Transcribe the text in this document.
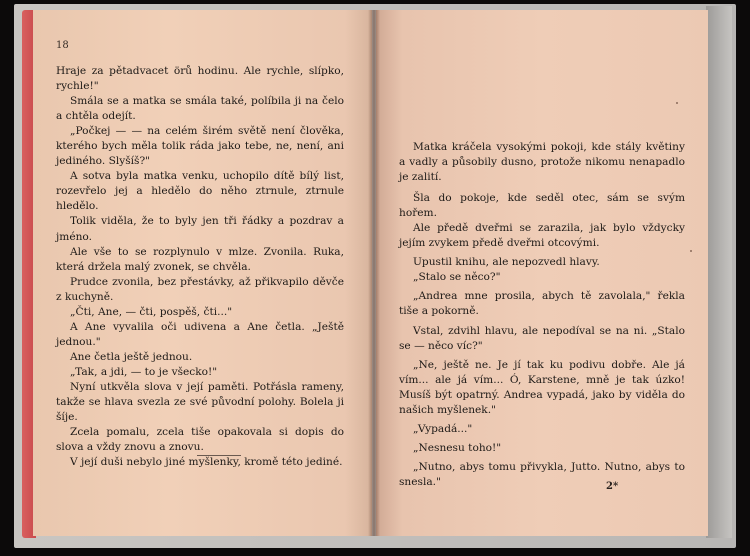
18

Hraje za pětadvacet örů hodinu. Ale rychle, slípko, rychle!"

Smála se a matka se smála také, políbila ji na čelo a chtěla odejít.

„Počkej — — na celém širém světě není člověka, kterého bych měla tolik ráda jako tebe, ne, není, ani jediného. Slyšíš?"

A sotva byla matka venku, uchopilo dítě bílý list, rozevřelo jej a hledělo do něho ztrnule, ztrnule hledělo.

Tolik viděla, že to byly jen tři řádky a pozdrav a jméno.

Ale vše to se rozplynulo v mlze. Zvonila. Ruka, která držela malý zvonek, se chvěla.

Prudce zvonila, bez přestávky, až přikvapilo děvče z kuchyně.

„Čti, Ane, — čti, pospěš, čti..."

A Ane vyvalila oči udivena a Ane četla. „Ještě jednou."

Ane četla ještě jednou.

„Tak, a jdi, — to je všecko!"

Nyní utkvěla slova v její paměti. Potřásla rameny, takže se hlava svezla ze své původní polohy. Bolela ji šíje.

Zcela pomalu, zcela tiše opakovala si dopis do slova a vždy znovu a znovu.

V její duši nebylo jiné myšlenky, kromě této jediné.

Matka kráčela vysokými pokoji, kde stály květiny a vadly a působily dusno, protože nikomu nenapadlo je zalití.

Šla do pokoje, kde seděl otec, sám se svým hořem.

Ale předě dveřmi se zarazila, jak bylo vždycky jejím zvykem předě dveřmi otcovými.

Upustil knihu, ale nepozvedl hlavy.

„Stalo se něco?"

„Andrea mne prosila, abych tě zavolala," řekla tiše a pokorně.

Vstal, zdvihl hlavu, ale nepodíval se na ni. „Stalo se — něco víc?"

„Ne, ještě ne. Je jí tak ku podivu dobře. Ale já vím... ale já vím... Ó, Karstene, mně je tak úzko! Musíš být opatrný. Andrea vypadá, jako by viděla do našich myšlenek."

„Vypadá..."

„Nesnesu toho!"

„Nutno, abys tomu přivykla, Jutto. Nutno, abys to snesla."	2*
